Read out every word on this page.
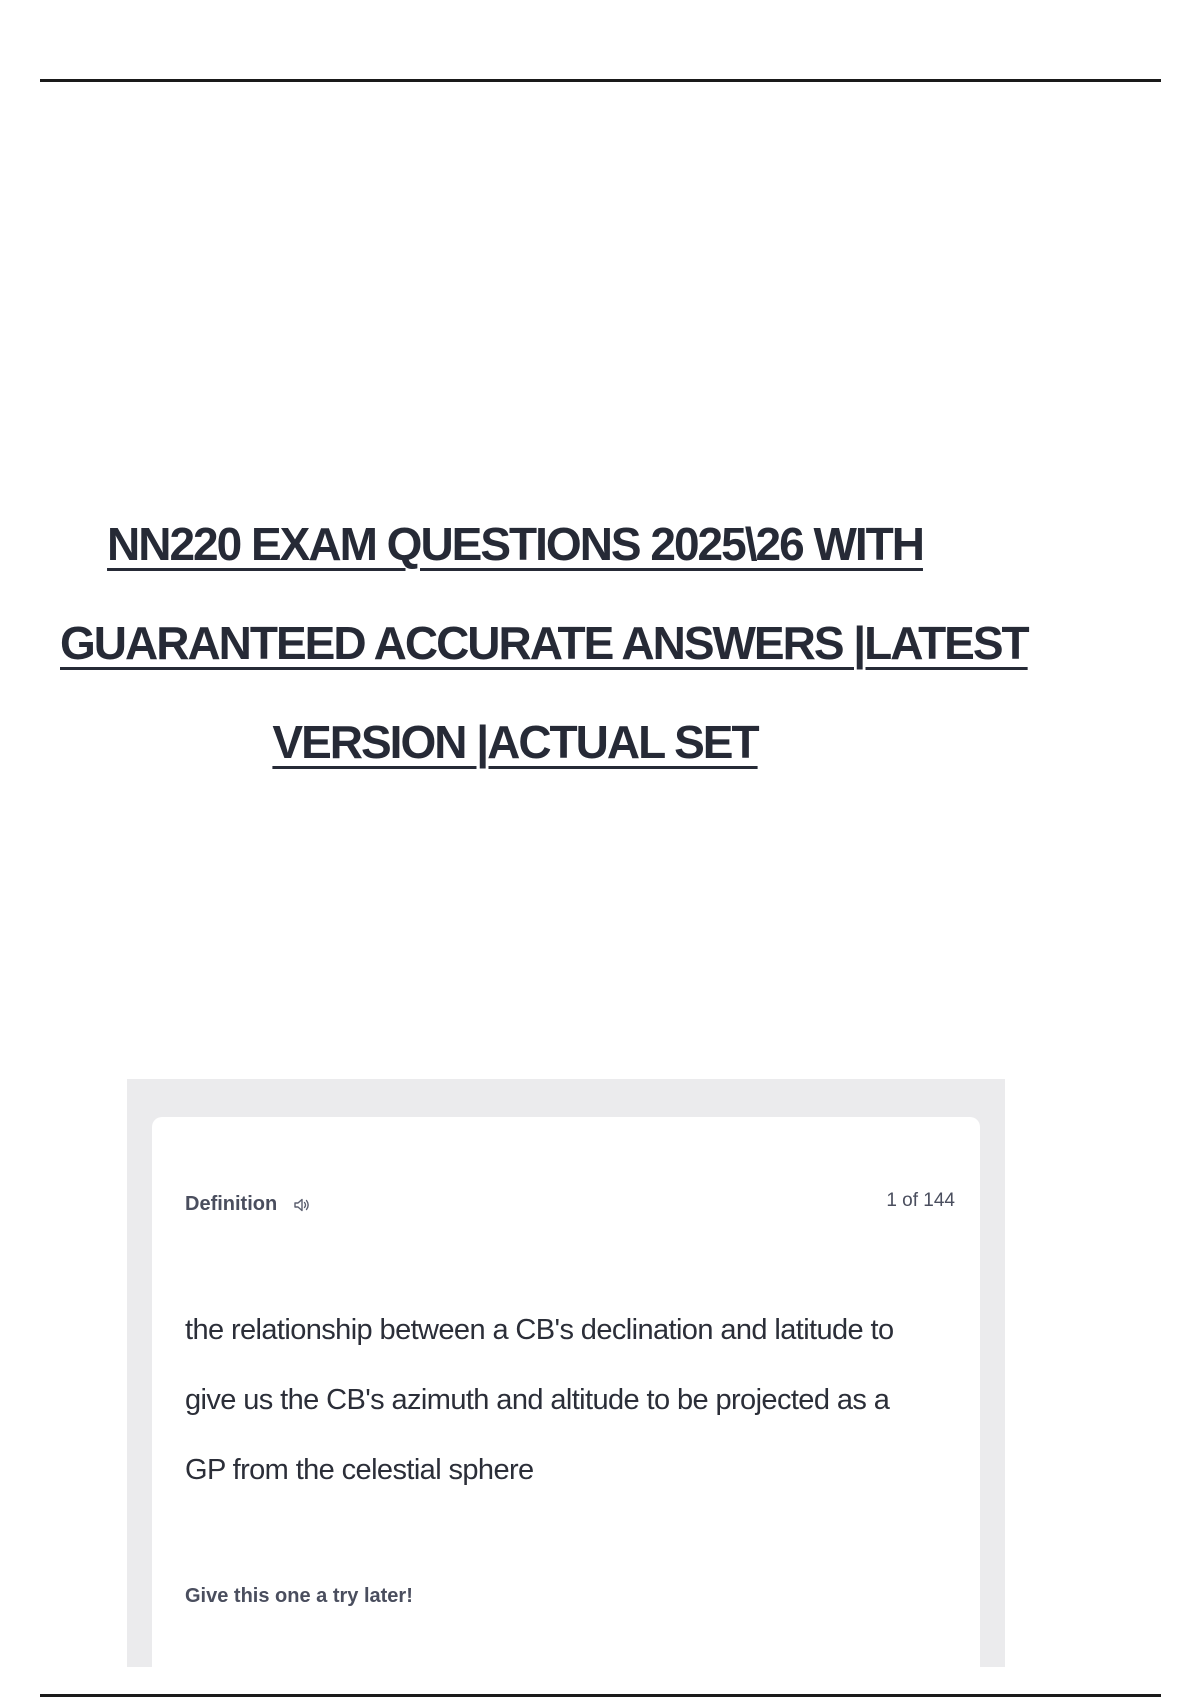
NN220 EXAM QUESTIONS 2025\26 WITH
GUARANTEED ACCURATE ANSWERS |LATEST
VERSION |ACTUAL SET
Definition	1 of 144
the relationship between a CB's declination and latitude to give us the CB's azimuth and altitude to be projected as a GP from the celestial sphere
Give this one a try later!
